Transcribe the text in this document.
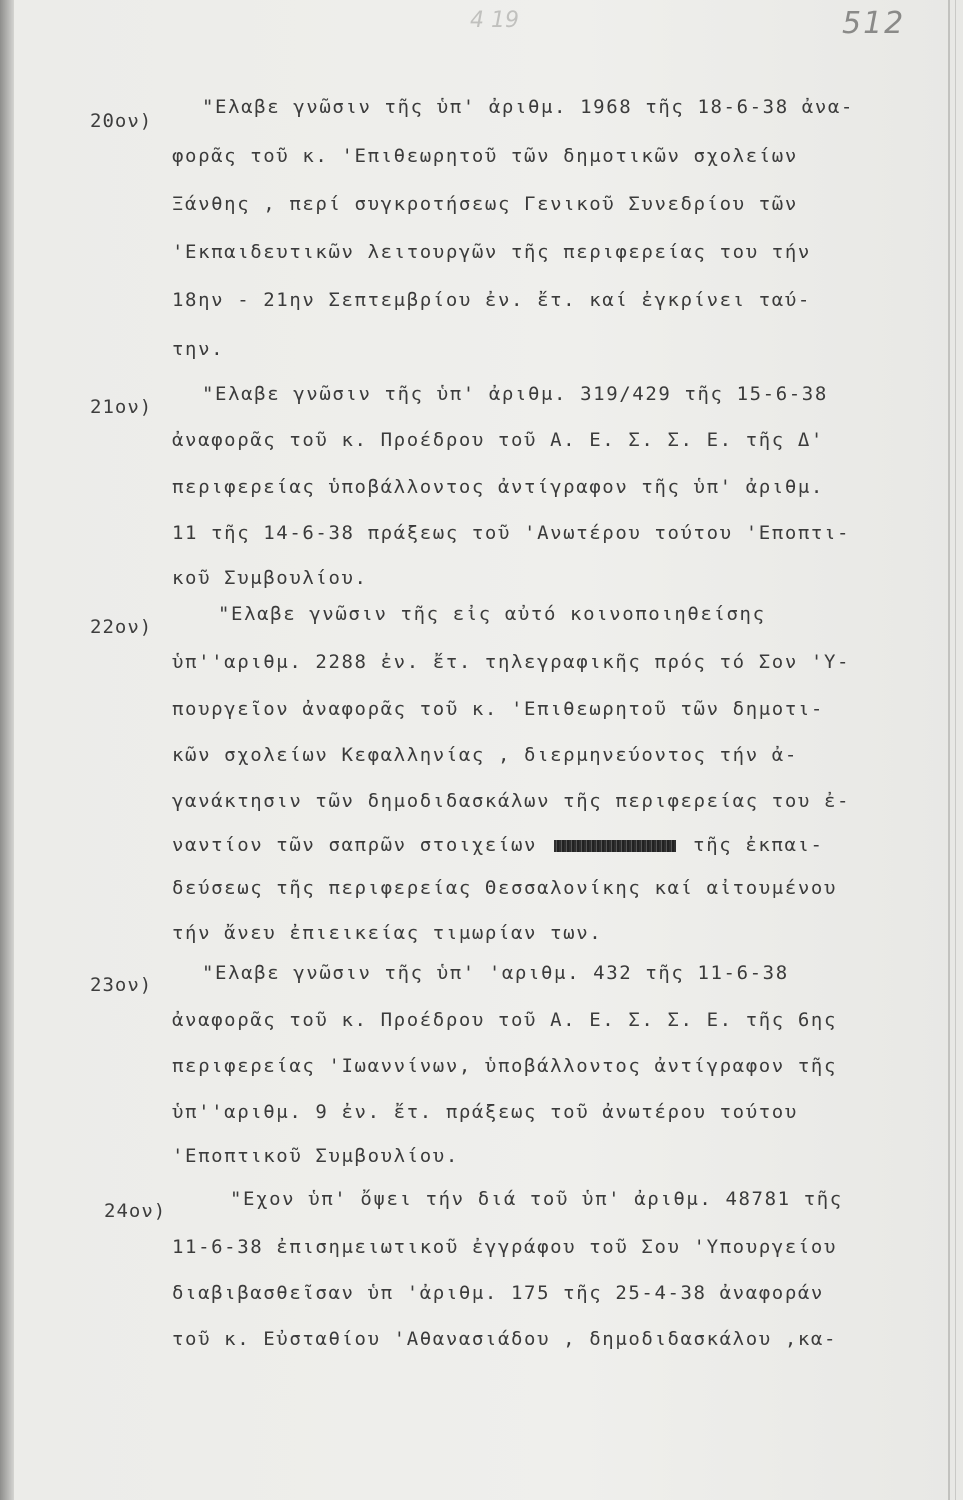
4 19	512
20ον)
"Ελαβε γνῶσιν τῆς ὑπ' ἀριθμ. 1968 τῆς 18-6-38 ἀνα-
φορᾶς τοῦ κ. 'Επιθεωρητοῦ τῶν δημοτικῶν σχολείων
Ξάνθης , περί συγκροτήσεως Γενικοῦ Συνεδρίου τῶν
'Εκπαιδευτικῶν λειτουργῶν τῆς περιφερείας του τήν
18ην - 21ην Σεπτεμβρίου ἐν. ἔτ. καί ἐγκρίνει ταύ-
την.
21ον)
"Ελαβε γνῶσιν τῆς ὑπ' ἀριθμ. 319/429 τῆς 15-6-38
ἀναφορᾶς τοῦ κ. Προέδρου τοῦ Α. Ε. Σ. Σ. Ε. τῆς Δ'
περιφερείας ὑποβάλλοντος ἀντίγραφον τῆς ὑπ' ἀριθμ.
11 τῆς 14-6-38 πράξεως τοῦ 'Ανωτέρου τούτου 'Εποπτι-
κοῦ Συμβουλίου.
22ον)
"Ελαβε γνῶσιν τῆς εἰς αὐτό κοινοποιηθείσης
ὑπ''αριθμ. 2288 ἐν. ἔτ. τηλεγραφικῆς πρός τό Σον 'Υ-
πουργεῖον ἀναφορᾶς τοῦ κ. 'Επιθεωρητοῦ τῶν δημοτι-
κῶν σχολείων Κεφαλληνίας , διερμηνεύοντος τήν ἀ-
γανάκτησιν τῶν δημοδιδασκάλων τῆς περιφερείας του ἐ-
ναντίον τῶν σαπρῶν στοιχείων	τῆς ἐκπαι-
δεύσεως τῆς περιφερείας Θεσσαλονίκης καί αἰτουμένου
τήν ἄνευ ἐπιεικείας τιμωρίαν των.
23ον)
"Ελαβε γνῶσιν τῆς ὑπ' 'αριθμ. 432 τῆς 11-6-38
ἀναφορᾶς τοῦ κ. Προέδρου τοῦ Α. Ε. Σ. Σ. Ε. τῆς 6ης
περιφερείας 'Ιωαννίνων, ὑποβάλλοντος ἀντίγραφον τῆς
ὑπ''αριθμ. 9 ἐν. ἔτ. πράξεως τοῦ ἀνωτέρου τούτου
'Εποπτικοῦ Συμβουλίου.
24ον)
"Εχον ὑπ' ὄψει τήν διά τοῦ ὑπ' ἀριθμ. 48781 τῆς
11-6-38 ἐπισημειωτικοῦ ἐγγράφου τοῦ Σου 'Υπουργείου
διαβιβασθεῖσαν ὑπ 'ἀριθμ. 175 τῆς 25-4-38 ἀναφοράν
τοῦ κ. Εὐσταθίου 'Αθανασιάδου , δημοδιδασκάλου ,κα-
